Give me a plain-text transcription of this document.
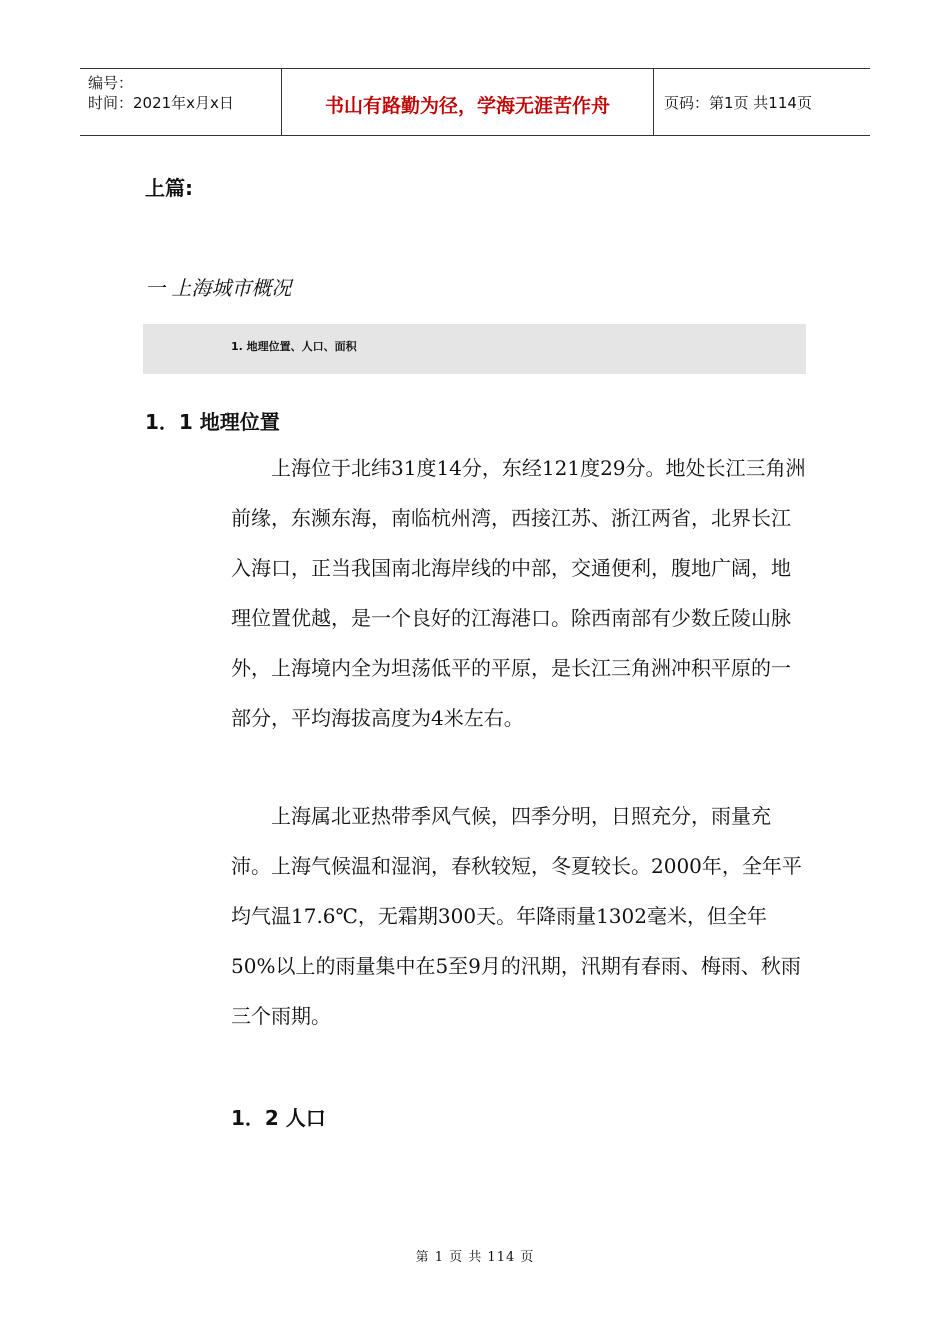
编号：
时间：2021年x月x日	书山有路勤为径，学海无涯苦作舟	页码：第1页 共114页
上篇:
一 上海城市概况
1. 地理位置、人口、面积
1．1 地理位置

上海位于北纬31度14分，东经121度29分。地处长江三角洲前缘，东濒东海，南临杭州湾，西接江苏、浙江两省，北界长江入海口，正当我国南北海岸线的中部，交通便利，腹地广阔，地理位置优越，是一个良好的江海港口。除西南部有少数丘陵山脉外，上海境内全为坦荡低平的平原，是长江三角洲冲积平原的一部分，平均海拔高度为4米左右。

上海属北亚热带季风气候，四季分明，日照充分，雨量充沛。上海气候温和湿润，春秋较短，冬夏较长。2000年，全年平均气温17.6℃，无霜期300天。年降雨量1302毫米，但全年50%以上的雨量集中在5至9月的汛期，汛期有春雨、梅雨、秋雨三个雨期。

1．2 人口
第 1 页 共 114 页
